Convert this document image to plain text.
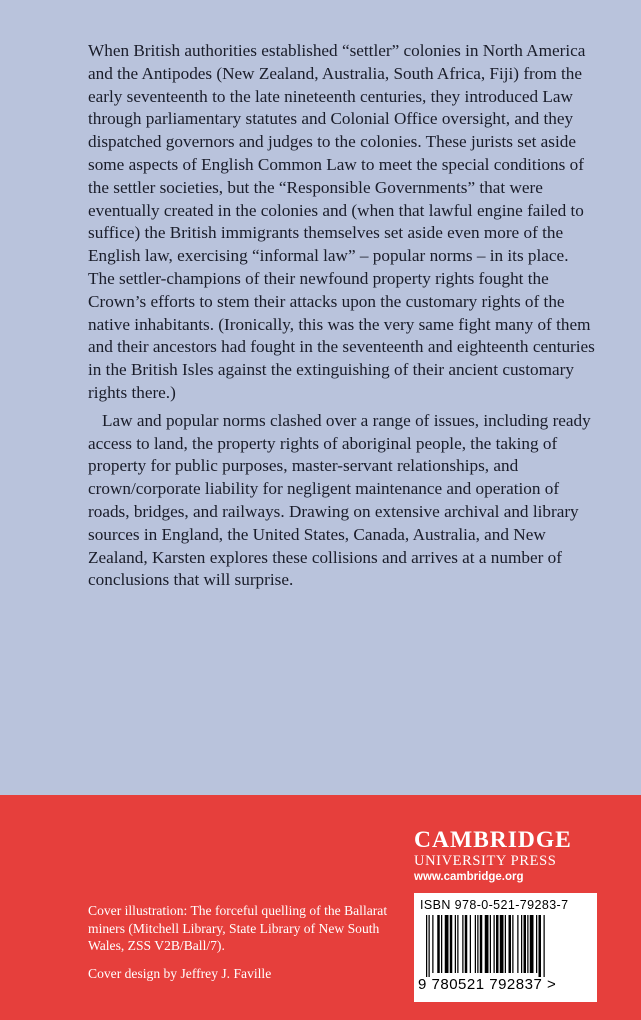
When British authorities established “settler” colonies in North America and the Antipodes (New Zealand, Australia, South Africa, Fiji) from the early seventeenth to the late nineteenth centuries, they introduced Law through parliamentary statutes and Colonial Office oversight, and they dispatched governors and judges to the colonies. These jurists set aside some aspects of English Common Law to meet the special conditions of the settler societies, but the “Responsible Governments” that were eventually created in the colonies and (when that lawful engine failed to suffice) the British immigrants themselves set aside even more of the English law, exercising “informal law” – popular norms – in its place. The settler-champions of their newfound property rights fought the Crown’s efforts to stem their attacks upon the customary rights of the native inhabitants. (Ironically, this was the very same fight many of them and their ancestors had fought in the seventeenth and eighteenth centuries in the British Isles against the extinguishing of their ancient customary rights there.)

Law and popular norms clashed over a range of issues, including ready access to land, the property rights of aboriginal people, the taking of property for public purposes, master-servant relationships, and crown/corporate liability for negligent maintenance and operation of roads, bridges, and railways. Drawing on extensive archival and library sources in England, the United States, Canada, Australia, and New Zealand, Karsten explores these collisions and arrives at a number of conclusions that will surprise.

CAMBRIDGE
UNIVERSITY PRESS
www.cambridge.org
ISBN 978-0-521-79283-7
9 780521 792837 >

Cover illustration: The forceful quelling of the Ballarat miners (Mitchell Library, State Library of New South Wales, ZSS V2B/Ball/7).

Cover design by Jeffrey J. Faville
